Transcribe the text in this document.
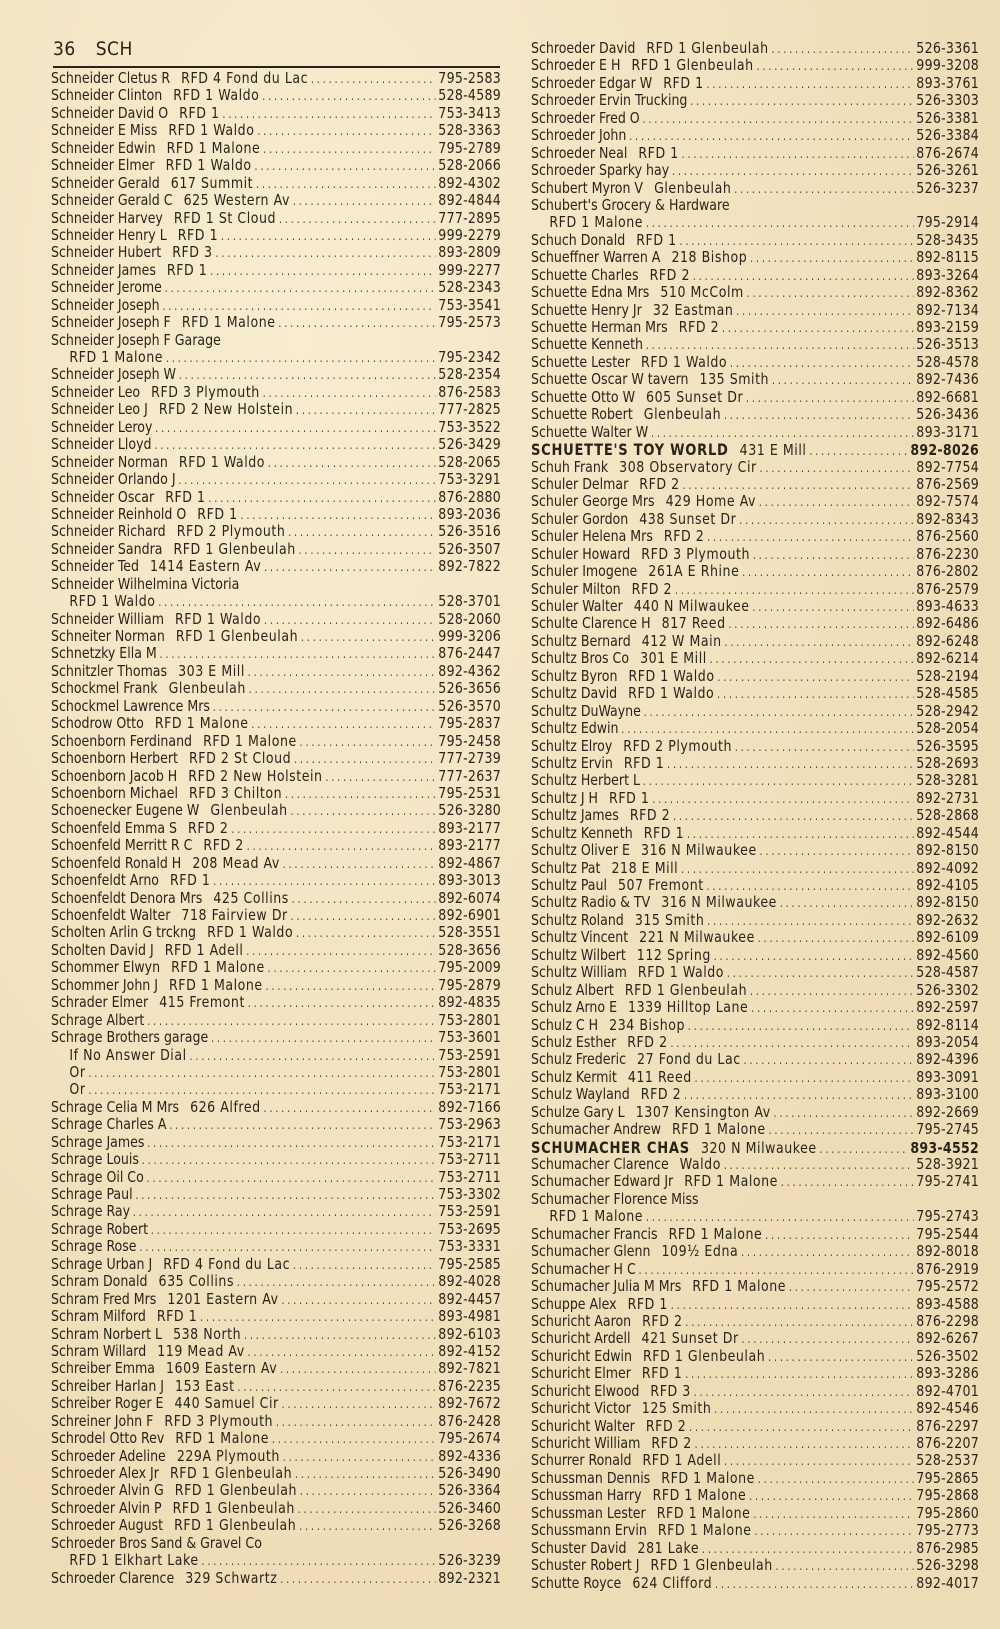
36 SCH
Schneider Cletus R RFD 4 Fond du Lac .....	795-2583
Schneider Clinton RFD 1 Waldo .....	528-4589
Schneider David O RFD 1 .....	753-3413
Schneider E Miss RFD 1 Waldo .....	528-3363
Schneider Edwin RFD 1 Malone .....	795-2789
Schneider Elmer RFD 1 Waldo .....	528-2066
Schneider Gerald 617 Summit .....	892-4302
Schneider Gerald C 625 Western Av .....	892-4844
Schneider Harvey RFD 1 St Cloud .....	777-2895
Schneider Henry L RFD 1 .....	999-2279
Schneider Hubert RFD 3 .....	893-2809
Schneider James RFD 1 .....	999-2277
Schneider Jerome .....	528-2343
Schneider Joseph .....	753-3541
Schneider Joseph F RFD 1 Malone .....	795-2573
Schneider Joseph F Garage
RFD 1 Malone .....	795-2342
Schneider Joseph W .....	528-2354
Schneider Leo RFD 3 Plymouth .....	876-2583
Schneider Leo J RFD 2 New Holstein .....	777-2825
Schneider Leroy .....	753-3522
Schneider Lloyd .....	526-3429
Schneider Norman RFD 1 Waldo .....	528-2065
Schneider Orlando J .....	753-3291
Schneider Oscar RFD 1 .....	876-2880
Schneider Reinhold O RFD 1 .....	893-2036
Schneider Richard RFD 2 Plymouth .....	526-3516
Schneider Sandra RFD 1 Glenbeulah .....	526-3507
Schneider Ted 1414 Eastern Av .....	892-7822
Schneider Wilhelmina Victoria
RFD 1 Waldo .....	528-3701
Schneider William RFD 1 Waldo .....	528-2060
Schneiter Norman RFD 1 Glenbeulah .....	999-3206
Schnetzky Ella M .....	876-2447
Schnitzler Thomas 303 E Mill .....	892-4362
Schockmel Frank Glenbeulah .....	526-3656
Schockmel Lawrence Mrs .....	526-3570
Schodrow Otto RFD 1 Malone .....	795-2837
Schoenborn Ferdinand RFD 1 Malone .....	795-2458
Schoenborn Herbert RFD 2 St Cloud .....	777-2739
Schoenborn Jacob H RFD 2 New Holstein .....	777-2637
Schoenborn Michael RFD 3 Chilton .....	795-2531
Schoenecker Eugene W Glenbeulah .....	526-3280
Schoenfeld Emma S RFD 2 .....	893-2177
Schoenfeld Merritt R C RFD 2 .....	893-2177
Schoenfeld Ronald H 208 Mead Av .....	892-4867
Schoenfeldt Arno RFD 1 .....	893-3013
Schoenfeldt Denora Mrs 425 Collins .....	892-6074
Schoenfeldt Walter 718 Fairview Dr .....	892-6901
Scholten Arlin G trckng RFD 1 Waldo .....	528-3551
Scholten David J RFD 1 Adell .....	528-3656
Schommer Elwyn RFD 1 Malone .....	795-2009
Schommer John J RFD 1 Malone .....	795-2879
Schrader Elmer 415 Fremont .....	892-4835
Schrage Albert .....	753-2801
Schrage Brothers garage .....	753-3601
If No Answer Dial .....	753-2591
Or .....	753-2801
Or .....	753-2171
Schrage Celia M Mrs 626 Alfred .....	892-7166
Schrage Charles A .....	753-2963
Schrage James .....	753-2171
Schrage Louis .....	753-2711
Schrage Oil Co .....	753-2711
Schrage Paul .....	753-3302
Schrage Ray .....	753-2591
Schrage Robert .....	753-2695
Schrage Rose .....	753-3331
Schrage Urban J RFD 4 Fond du Lac .....	795-2585
Schram Donald 635 Collins .....	892-4028
Schram Fred Mrs 1201 Eastern Av .....	892-4457
Schram Milford RFD 1 .....	893-4981
Schram Norbert L 538 North .....	892-6103
Schram Willard 119 Mead Av .....	892-4152
Schreiber Emma 1609 Eastern Av .....	892-7821
Schreiber Harlan J 153 East .....	876-2235
Schreiber Roger E 440 Samuel Cir .....	892-7672
Schreiner John F RFD 3 Plymouth .....	876-2428
Schrodel Otto Rev RFD 1 Malone .....	795-2674
Schroeder Adeline 229A Plymouth .....	892-4336
Schroeder Alex Jr RFD 1 Glenbeulah .....	526-3490
Schroeder Alvin G RFD 1 Glenbeulah .....	526-3364
Schroeder Alvin P RFD 1 Glenbeulah .....	526-3460
Schroeder August RFD 1 Glenbeulah .....	526-3268
Schroeder Bros Sand & Gravel Co
RFD 1 Elkhart Lake .....	526-3239
Schroeder Clarence 329 Schwartz .....	892-2321
Schroeder David RFD 1 Glenbeulah .....	526-3361
Schroeder E H RFD 1 Glenbeulah .....	999-3208
Schroeder Edgar W RFD 1 .....	893-3761
Schroeder Ervin Trucking .....	526-3303
Schroeder Fred O .....	526-3381
Schroeder John .....	526-3384
Schroeder Neal RFD 1 .....	876-2674
Schroeder Sparky hay .....	526-3261
Schubert Myron V Glenbeulah .....	526-3237
Schubert's Grocery & Hardware
RFD 1 Malone .....	795-2914
Schuch Donald RFD 1 .....	528-3435
Schueffner Warren A 218 Bishop .....	892-8115
Schuette Charles RFD 2 .....	893-3264
Schuette Edna Mrs 510 McColm .....	892-8362
Schuette Henry Jr 32 Eastman .....	892-7134
Schuette Herman Mrs RFD 2 .....	893-2159
Schuette Kenneth .....	526-3513
Schuette Lester RFD 1 Waldo .....	528-4578
Schuette Oscar W tavern 135 Smith .....	892-7436
Schuette Otto W 605 Sunset Dr .....	892-6681
Schuette Robert Glenbeulah .....	526-3436
Schuette Walter W .....	893-3171
SCHUETTE'S TOY WORLD 431 E Mill .....	892-8026
Schuh Frank 308 Observatory Cir .....	892-7754
Schuler Delmar RFD 2 .....	876-2569
Schuler George Mrs 429 Home Av .....	892-7574
Schuler Gordon 438 Sunset Dr .....	892-8343
Schuler Helena Mrs RFD 2 .....	876-2560
Schuler Howard RFD 3 Plymouth .....	876-2230
Schuler Imogene 261A E Rhine .....	876-2802
Schuler Milton RFD 2 .....	876-2579
Schuler Walter 440 N Milwaukee .....	893-4633
Schulte Clarence H 817 Reed .....	892-6486
Schultz Bernard 412 W Main .....	892-6248
Schultz Bros Co 301 E Mill .....	892-6214
Schultz Byron RFD 1 Waldo .....	528-2194
Schultz David RFD 1 Waldo .....	528-4585
Schultz DuWayne .....	528-2942
Schultz Edwin .....	528-2054
Schultz Elroy RFD 2 Plymouth .....	526-3595
Schultz Ervin RFD 1 .....	528-2693
Schultz Herbert L .....	528-3281
Schultz J H RFD 1 .....	892-2731
Schultz James RFD 2 .....	528-2868
Schultz Kenneth RFD 1 .....	892-4544
Schultz Oliver E 316 N Milwaukee .....	892-8150
Schultz Pat 218 E Mill .....	892-4092
Schultz Paul 507 Fremont .....	892-4105
Schultz Radio & TV 316 N Milwaukee .....	892-8150
Schultz Roland 315 Smith .....	892-2632
Schultz Vincent 221 N Milwaukee .....	892-6109
Schultz Wilbert 112 Spring .....	892-4560
Schultz William RFD 1 Waldo .....	528-4587
Schulz Albert RFD 1 Glenbeulah .....	526-3302
Schulz Arno E 1339 Hilltop Lane .....	892-2597
Schulz C H 234 Bishop .....	892-8114
Schulz Esther RFD 2 .....	893-2054
Schulz Frederic 27 Fond du Lac .....	892-4396
Schulz Kermit 411 Reed .....	893-3091
Schulz Wayland RFD 2 .....	893-3100
Schulze Gary L 1307 Kensington Av .....	892-2669
Schumacher Andrew RFD 1 Malone .....	795-2745
SCHUMACHER CHAS 320 N Milwaukee .....	893-4552
Schumacher Clarence Waldo .....	528-3921
Schumacher Edward Jr RFD 1 Malone .....	795-2741
Schumacher Florence Miss
RFD 1 Malone .....	795-2743
Schumacher Francis RFD 1 Malone .....	795-2544
Schumacher Glenn 109½ Edna .....	892-8018
Schumacher H C .....	876-2919
Schumacher Julia M Mrs RFD 1 Malone .....	795-2572
Schuppe Alex RFD 1 .....	893-4588
Schuricht Aaron RFD 2 .....	876-2298
Schuricht Ardell 421 Sunset Dr .....	892-6267
Schuricht Edwin RFD 1 Glenbeulah .....	526-3502
Schuricht Elmer RFD 1 .....	893-3286
Schuricht Elwood RFD 3 .....	892-4701
Schuricht Victor 125 Smith .....	892-4546
Schuricht Walter RFD 2 .....	876-2297
Schuricht William RFD 2 .....	876-2207
Schurrer Ronald RFD 1 Adell .....	528-2537
Schussman Dennis RFD 1 Malone .....	795-2865
Schussman Harry RFD 1 Malone .....	795-2868
Schussman Lester RFD 1 Malone .....	795-2860
Schussmann Ervin RFD 1 Malone .....	795-2773
Schuster David 281 Lake .....	876-2985
Schuster Robert J RFD 1 Glenbeulah .....	526-3298
Schutte Royce 624 Clifford .....	892-4017
